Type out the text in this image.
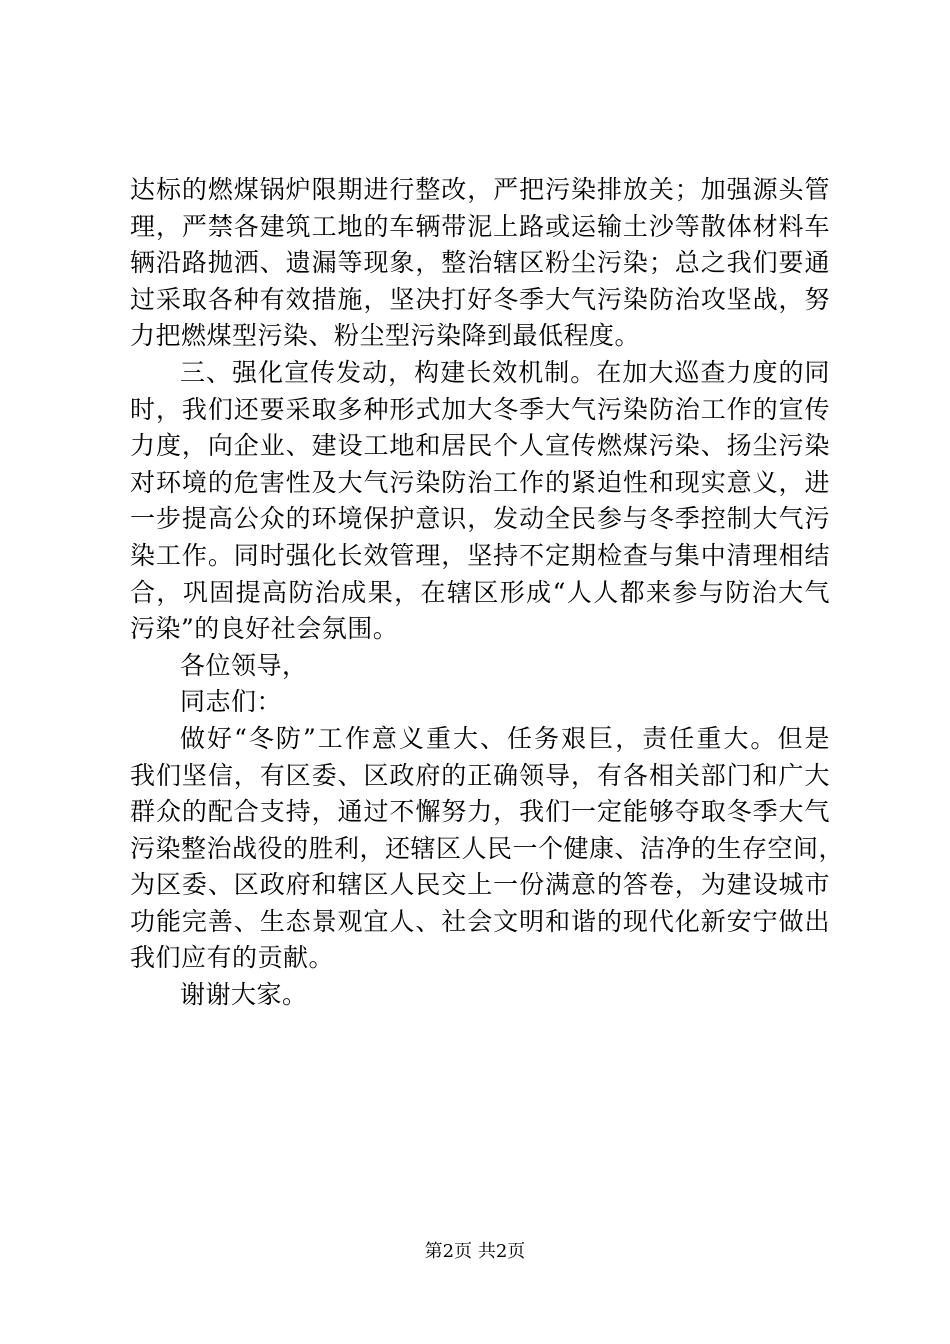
达标的燃煤锅炉限期进行整改，严把污染排放关；加强源头管
理，严禁各建筑工地的车辆带泥上路或运输土沙等散体材料车
辆沿路抛洒、遗漏等现象，整治辖区粉尘污染；总之我们要通
过采取各种有效措施，坚决打好冬季大气污染防治攻坚战，努
力把燃煤型污染、粉尘型污染降到最低程度。
三、强化宣传发动，构建长效机制。在加大巡查力度的同
时，我们还要采取多种形式加大冬季大气污染防治工作的宣传
力度，向企业、建设工地和居民个人宣传燃煤污染、扬尘污染
对环境的危害性及大气污染防治工作的紧迫性和现实意义，进
一步提高公众的环境保护意识，发动全民参与冬季控制大气污
染工作。同时强化长效管理，坚持不定期检查与集中清理相结
合，巩固提高防治成果，在辖区形成“人人都来参与防治大气
污染”的良好社会氛围。
各位领导，
同志们：
做好“冬防”工作意义重大、任务艰巨，责任重大。但是
我们坚信，有区委、区政府的正确领导，有各相关部门和广大
群众的配合支持，通过不懈努力，我们一定能够夺取冬季大气
污染整治战役的胜利，还辖区人民一个健康、洁净的生存空间，
为区委、区政府和辖区人民交上一份满意的答卷，为建设城市
功能完善、生态景观宜人、社会文明和谐的现代化新安宁做出
我们应有的贡献。
谢谢大家。
第2页 共2页
